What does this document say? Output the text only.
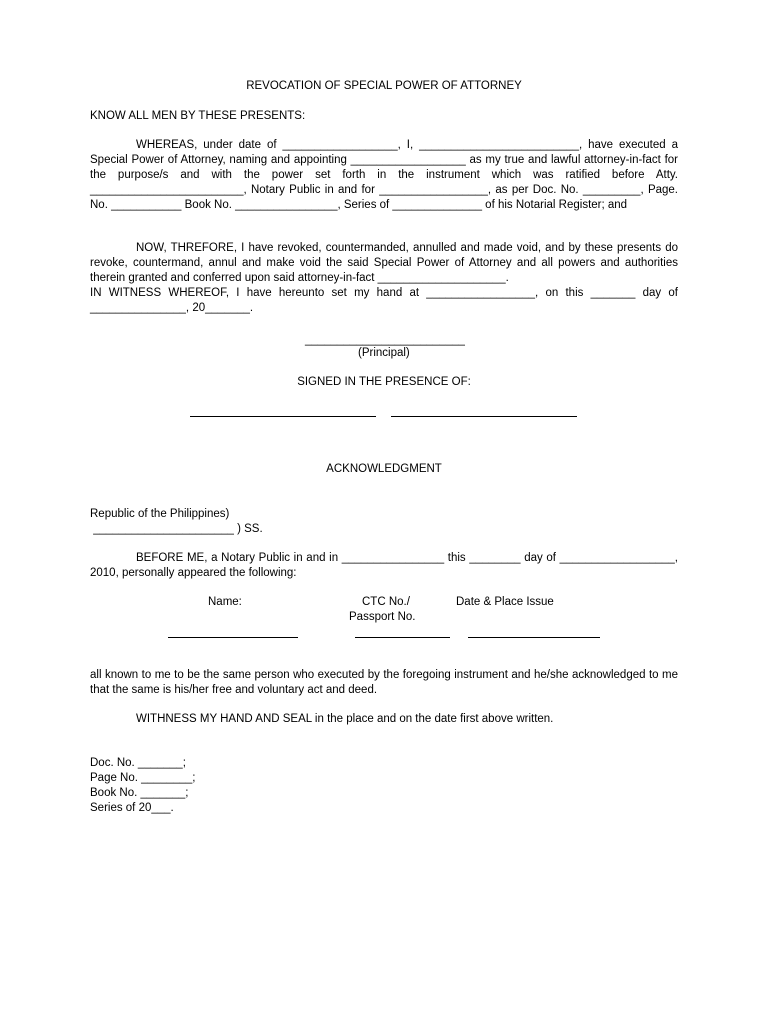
REVOCATION OF SPECIAL POWER OF ATTORNEY

KNOW ALL MEN BY THESE PRESENTS:

WHEREAS, under date of __________________, I, _________________________, have executed a Special Power of Attorney, naming and appointing __________________ as my true and lawful attorney-in-fact for the purpose/s and with the power set forth in the instrument which was ratified before Atty. ________________________, Notary Public in and for _________________, as per Doc. No. _________, Page. No. ___________ Book No. ________________, Series of ______________ of his Notarial Register; and

NOW, THREFORE, I have revoked, countermanded, annulled and made void, and by these presents do revoke, countermand, annul and make void the said Special Power of Attorney and all powers and authorities therein granted and conferred upon said attorney-in-fact ____________________.

IN WITNESS WHEREOF, I have hereunto set my hand at _________________, on this _______ day of _______________, 20_______.

_________________________

(Principal)

SIGNED IN THE PRESENCE OF:

ACKNOWLEDGMENT

Republic of the Philippines)

______________________ ) SS.

BEFORE ME, a Notary Public in and in ________________ this ________ day of __________________, 2010, personally appeared the following:

Name:	CTC No./

Passport No.

Date & Place Issue

all known to me to be the same person who executed by the foregoing instrument and he/she acknowledged to me that the same is his/her free and voluntary act and deed.

WITHNESS MY HAND AND SEAL in the place and on the date first above written.

Doc. No. _______;
Page No. ________;
Book No. _______;
Series of 20___.
